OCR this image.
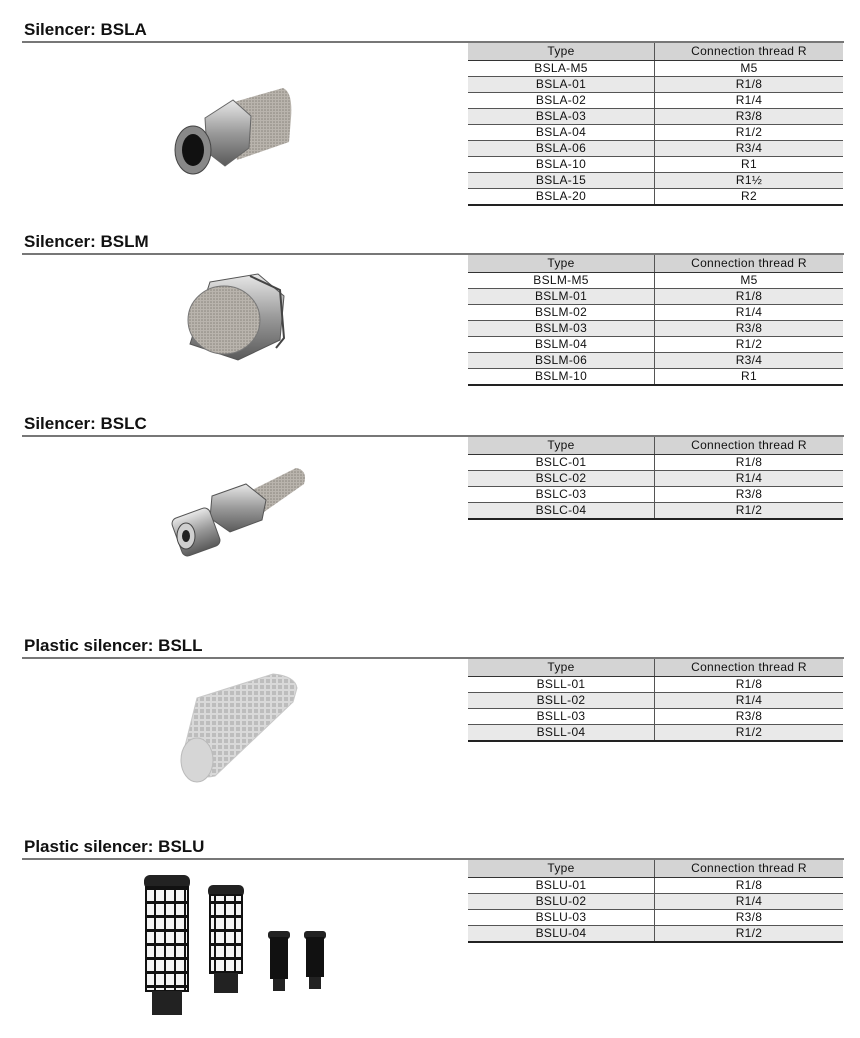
Silencer: BSLA
Type	Connection thread R
BSLA-M5	M5
BSLA-01	R1/8
BSLA-02	R1/4
BSLA-03	R3/8
BSLA-04	R1/2
BSLA-06	R3/4
BSLA-10	R1
BSLA-15	R1½
BSLA-20	R2
Silencer: BSLM
Type	Connection thread R
BSLM-M5	M5
BSLM-01	R1/8
BSLM-02	R1/4
BSLM-03	R3/8
BSLM-04	R1/2
BSLM-06	R3/4
BSLM-10	R1
Silencer: BSLC
Type	Connection thread R
BSLC-01	R1/8
BSLC-02	R1/4
BSLC-03	R3/8
BSLC-04	R1/2
Plastic silencer: BSLL
Type	Connection thread R
BSLL-01	R1/8
BSLL-02	R1/4
BSLL-03	R3/8
BSLL-04	R1/2
Plastic silencer: BSLU
Type	Connection thread R
BSLU-01	R1/8
BSLU-02	R1/4
BSLU-03	R3/8
BSLU-04	R1/2
